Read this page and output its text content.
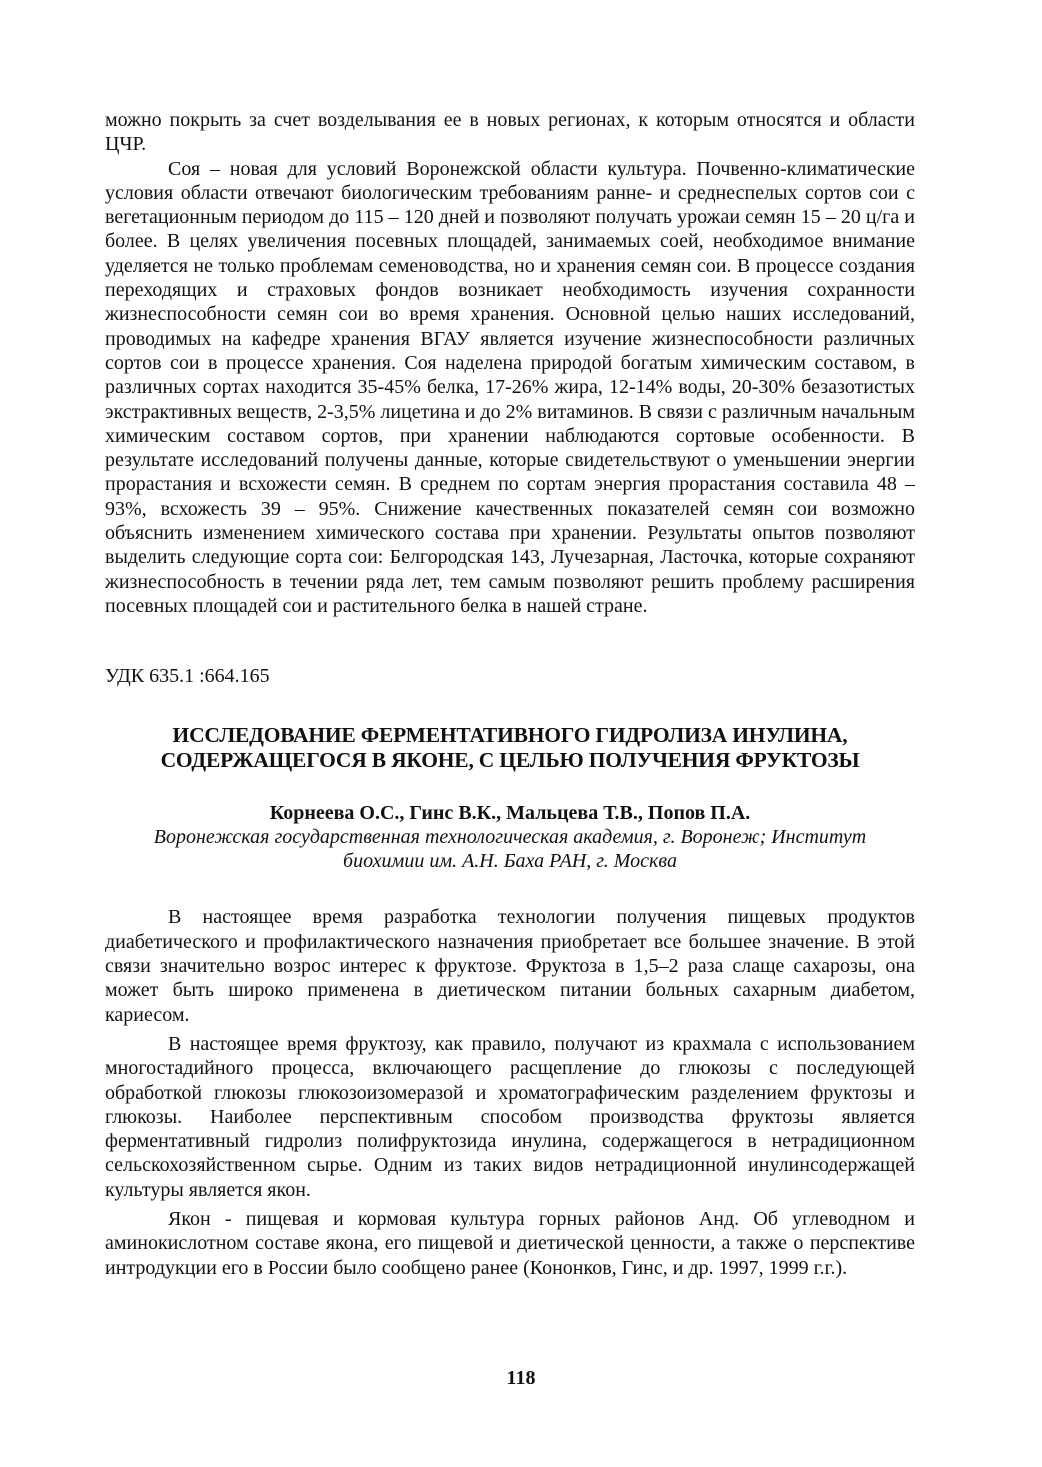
можно покрыть за счет возделывания ее в новых регионах, к которым относятся и области ЦЧР.

Соя – новая для условий Воронежской области культура. Почвенно-климатические условия области отвечают биологическим требованиям ранне- и среднеспелых сортов сои с вегетационным периодом до 115 – 120 дней и позволяют получать урожаи семян 15 – 20 ц/га и более. В целях увеличения посевных площадей, занимаемых соей, необходимое внимание уделяется не только проблемам семеноводства, но и хранения семян сои. В процессе создания переходящих и страховых фондов возникает необходимость изучения сохранности жизнеспособности семян сои во время хранения. Основной целью наших исследований, проводимых на кафедре хранения ВГАУ является изучение жизнеспособности различных сортов сои в процессе хранения. Соя наделена природой богатым химическим составом, в различных сортах находится 35-45% белка, 17-26% жира, 12-14% воды, 20-30% безазотистых экстрактивных веществ, 2-3,5% лицетина и до 2% витаминов. В связи с различным начальным химическим составом сортов, при хранении наблюдаются сортовые особенности. В результате исследований получены данные, которые свидетельствуют о уменьшении энергии прорастания и всхожести семян. В среднем по сортам энергия прорастания составила 48 – 93%, всхожесть 39 – 95%. Снижение качественных показателей семян сои возможно объяснить изменением химического состава при хранении. Результаты опытов позволяют выделить следующие сорта сои: Белгородская 143, Лучезарная, Ласточка, которые сохраняют жизнеспособность в течении ряда лет, тем самым позволяют решить проблему расширения посевных площадей сои и растительного белка в нашей стране.

УДК 635.1 :664.165

ИССЛЕДОВАНИЕ ФЕРМЕНТАТИВНОГО ГИДРОЛИЗА ИНУЛИНА,
СОДЕРЖАЩЕГОСЯ В ЯКОНЕ, С ЦЕЛЬЮ ПОЛУЧЕНИЯ ФРУКТОЗЫ
Корнеева О.С., Гинс В.К., Мальцева Т.В., Попов П.А.
Воронежская государственная технологическая академия, г. Воронеж; Институт
биохимии им. А.Н. Баха РАН, г. Москва

В настоящее время разработка технологии получения пищевых продуктов диабетического и профилактического назначения приобретает все большее значение. В этой связи значительно возрос интерес к фруктозе. Фруктоза в 1,5–2 раза слаще сахарозы, она может быть широко применена в диетическом питании больных сахарным диабетом, кариесом.

В настоящее время фруктозу, как правило, получают из крахмала с использованием многостадийного процесса, включающего расщепление до глюкозы с последующей обработкой глюкозы глюкозоизомеразой и хроматографическим разделением фруктозы и глюкозы. Наиболее перспективным способом производства фруктозы является ферментативный гидролиз полифруктозида инулина, содержащегося в нетрадиционном сельскохозяйственном сырье. Одним из таких видов нетрадиционной инулинсодержащей культуры является якон.

Якон - пищевая и кормовая культура горных районов Анд. Об углеводном и аминокислотном составе якона, его пищевой и диетической ценности, а также о перспективе интродукции его в России было сообщено ранее (Кононков, Гинс, и др. 1997, 1999 г.г.).

118
